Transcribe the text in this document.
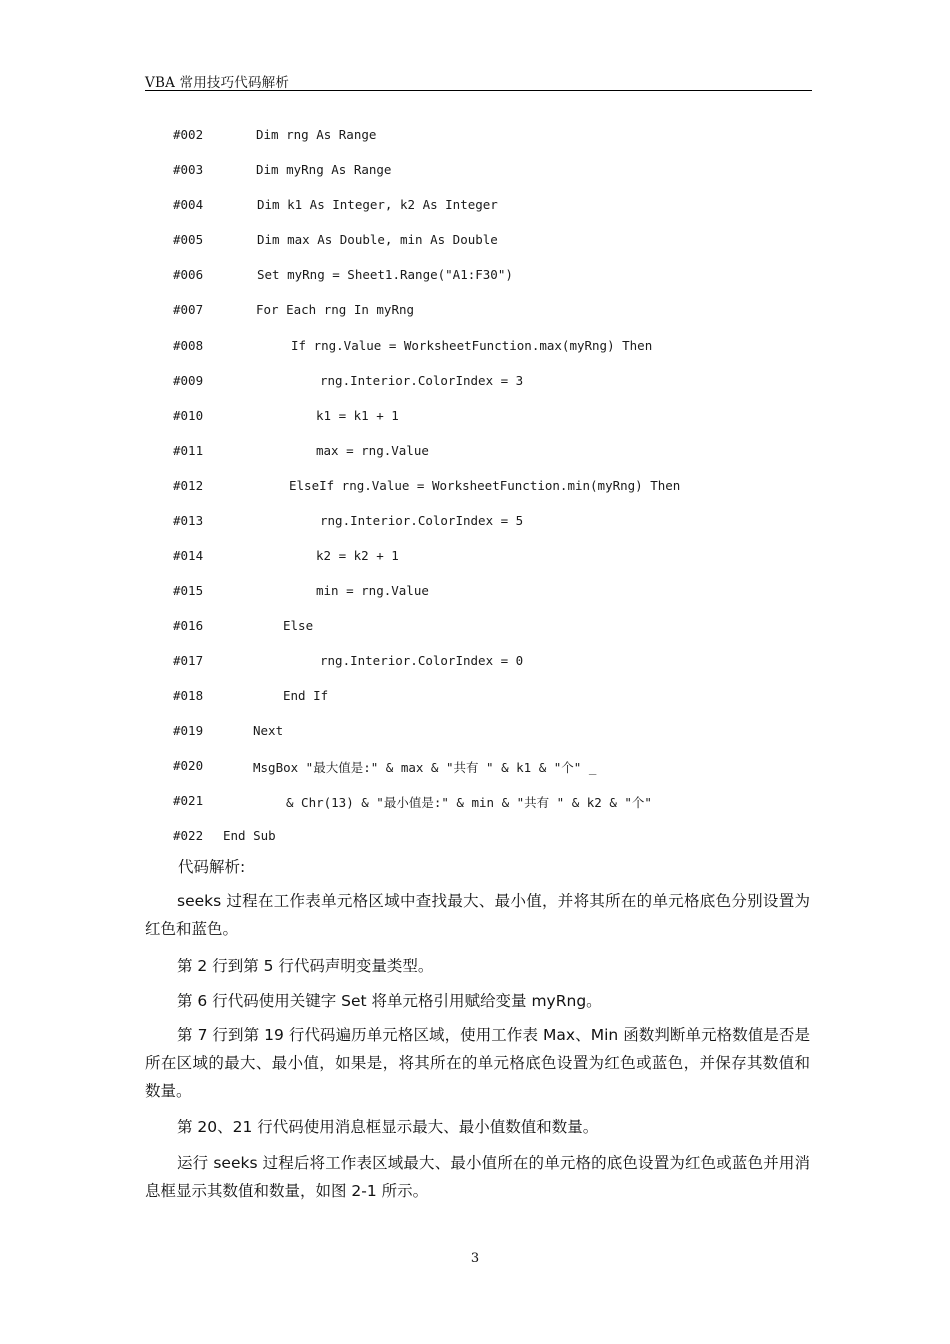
VBA 常用技巧代码解析
#002	Dim rng As Range
#003	Dim myRng As Range
#004	Dim k1 As Integer, k2 As Integer
#005	Dim max As Double, min As Double
#006	Set myRng = Sheet1.Range("A1:F30")
#007	For Each rng In myRng
#008	If rng.Value = WorksheetFunction.max(myRng) Then
#009	rng.Interior.ColorIndex = 3
#010	k1 = k1 + 1
#011	max = rng.Value
#012	ElseIf rng.Value = WorksheetFunction.min(myRng) Then
#013	rng.Interior.ColorIndex = 5
#014	k2 = k2 + 1
#015	min = rng.Value
#016	Else
#017	rng.Interior.ColorIndex = 0
#018	End If
#019	Next
#020	MsgBox "最大值是:" & max & "共有 " & k1 & "个" _
#021	& Chr(13) & "最小值是:" & min & "共有 " & k2 & "个"
#022 End Sub
代码解析:
seeks 过程在工作表单元格区域中查找最大、最小值，并将其所在的单元格底色分别设置为红色和蓝色。
第 2 行到第 5 行代码声明变量类型。
第 6 行代码使用关键字 Set 将单元格引用赋给变量 myRng。
第 7 行到第 19 行代码遍历单元格区域，使用工作表 Max、Min 函数判断单元格数值是否是所在区域的最大、最小值，如果是，将其所在的单元格底色设置为红色或蓝色，并保存其数值和数量。
第 20、21 行代码使用消息框显示最大、最小值数值和数量。
运行 seeks 过程后将工作表区域最大、最小值所在的单元格的底色设置为红色或蓝色并用消息框显示其数值和数量，如图 2-1 所示。
3
